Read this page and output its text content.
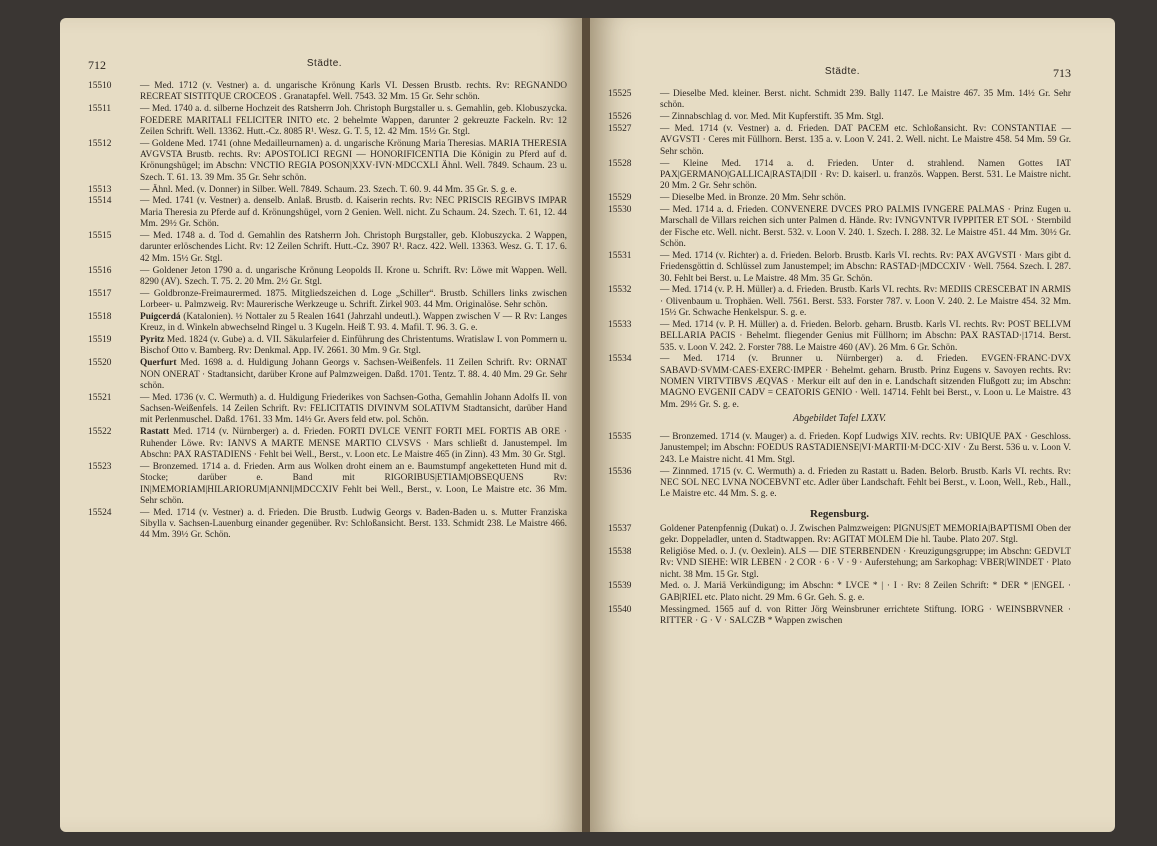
712	Städte.
15510	— Med. 1712 (v. Vestner) a. d. ungarische Krönung Karls VI. Dessen Brustb. rechts. Rv: REGNANDO RECREAT SISTITQUE CROCEOS . Granatapfel. Well. 7543. 32 Mm. 15 Gr. Sehr schön.
15511	— Med. 1740 a. d. silberne Hochzeit des Ratsherrn Joh. Christoph Burgstaller u. s. Gemahlin, geb. Klobuszycka. FOEDERE MARITALI FELICITER INITO etc. 2 behelmte Wappen, darunter 2 gekreuzte Fackeln. Rv: 12 Zeilen Schrift. Well. 13362. Hutt.-Cz. 8085 R¹. Wesz. G. T. 5, 12. 42 Mm. 15½ Gr. Stgl.
15512	— Goldene Med. 1741 (ohne Medailleurnamen) a. d. ungarische Krönung Maria Theresias. MARIA THERESIA AVGVSTA Brustb. rechts. Rv: APOSTOLICI REGNI — HONORIFICENTIA Die Königin zu Pferd auf d. Krönungshügel; im Abschn: VNCTIO REGIA POSON|XXV·IVN·MDCCXLI Ähnl. Well. 7849. Schaum. 23 u. Szech. T. 61. 13. 39 Mm. 35 Gr. Sehr schön.
15513	— Ähnl. Med. (v. Donner) in Silber. Well. 7849. Schaum. 23. Szech. T. 60. 9. 44 Mm. 35 Gr. S. g. e.
15514	— Med. 1741 (v. Vestner) a. denselb. Anlaß. Brustb. d. Kaiserin rechts. Rv: NEC PRISCIS REGIBVS IMPAR Maria Theresia zu Pferde auf d. Krönungshügel, vorn 2 Genien. Well. nicht. Zu Schaum. 24. Szech. T. 61, 12. 44 Mm. 29½ Gr. Schön.
15515	— Med. 1748 a. d. Tod d. Gemahlin des Ratsherrn Joh. Christoph Burgstaller, geb. Klobuszycka. 2 Wappen, darunter erlöschendes Licht. Rv: 12 Zeilen Schrift. Hutt.-Cz. 3907 R¹. Racz. 422. Well. 13363. Wesz. G. T. 17. 6. 42 Mm. 15½ Gr. Stgl.
15516	— Goldener Jeton 1790 a. d. ungarische Krönung Leopolds II. Krone u. Schrift. Rv: Löwe mit Wappen. Well. 8290 (AV). Szech. T. 75. 2. 20 Mm. 2½ Gr. Stgl.
15517	— Goldbronze-Freimaurermed. 1875. Mitgliedszeichen d. Loge „Schiller“. Brustb. Schillers links zwischen Lorbeer- u. Palmzweig. Rv: Maurerische Werkzeuge u. Schrift. Zirkel 903. 44 Mm. Originalöse. Sehr schön.
15518	Puigcerdá (Katalonien). ½ Nottaler zu 5 Realen 1641 (Jahrzahl undeutl.). Wappen zwischen V — R Rv: Langes Kreuz, in d. Winkeln abwechselnd Ringel u. 3 Kugeln. Heiß T. 93. 4. Mafil. T. 96. 3. G. e.
15519	Pyritz Med. 1824 (v. Gube) a. d. VII. Säkularfeier d. Einführung des Christentums. Wratislaw I. von Pommern u. Bischof Otto v. Bamberg. Rv: Denkmal. App. IV. 2661. 30 Mm. 9 Gr. Stgl.
15520	Querfurt Med. 1698 a. d. Huldigung Johann Georgs v. Sachsen-Weißenfels. 11 Zeilen Schrift. Rv: ORNAT NON ONERAT · Stadtansicht, darüber Krone auf Palmzweigen. Daßd. 1701. Tentz. T. 88. 4. 40 Mm. 29 Gr. Sehr schön.
15521	— Med. 1736 (v. C. Wermuth) a. d. Huldigung Friederikes von Sachsen-Gotha, Gemahlin Johann Adolfs II. von Sachsen-Weißenfels. 14 Zeilen Schrift. Rv: FELICITATIS DIVINVM SOLATIVM Stadtansicht, darüber Hand mit Perlenmuschel. Daßd. 1761. 33 Mm. 14½ Gr. Avers feld etw. pol. Schön.
15522	Rastatt Med. 1714 (v. Nürnberger) a. d. Frieden. FORTI DVLCE VENIT FORTI MEL FORTIS AB ORE · Ruhender Löwe. Rv: IANVS A MARTE MENSE MARTIO CLVSVS · Mars schließt d. Janustempel. Im Abschn: PAX RASTADIENS · Fehlt bei Well., Berst., v. Loon etc. Le Maistre 465 (in Zinn). 43 Mm. 30 Gr. Stgl.
15523	— Bronzemed. 1714 a. d. Frieden. Arm aus Wolken droht einem an e. Baumstumpf angeketteten Hund mit d. Stocke; darüber e. Band mit RIGORIBUS|ETIAM|OBSEQUENS Rv: IN|MEMORIAM|HILARIORUM|ANNI|MDCCXIV Fehlt bei Well., Berst., v. Loon, Le Maistre etc. 36 Mm. Sehr schön.
15524	— Med. 1714 (v. Vestner) a. d. Frieden. Die Brustb. Ludwig Georgs v. Baden-Baden u. s. Mutter Franziska Sibylla v. Sachsen-Lauenburg einander gegenüber. Rv: Schloßansicht. Berst. 133. Schmidt 238. Le Maistre 466. 44 Mm. 39½ Gr. Schön.
Städte.	713
15525	— Dieselbe Med. kleiner. Berst. nicht. Schmidt 239. Bally 1147. Le Maistre 467. 35 Mm. 14½ Gr. Sehr schön.
15526	— Zinnabschlag d. vor. Med. Mit Kupferstift. 35 Mm. Stgl.
15527	— Med. 1714 (v. Vestner) a. d. Frieden. DAT PACEM etc. Schloßansicht. Rv: CONSTANTIAE — AVGVSTI · Ceres mit Füllhorn. Berst. 135 a. v. Loon V. 241. 2. Well. nicht. Le Maistre 458. 54 Mm. 59 Gr. Sehr schön.
15528	— Kleine Med. 1714 a. d. Frieden. Unter d. strahlend. Namen Gottes IAT PAX|GERMANO|GALLICA|RASTA|DII · Rv: D. kaiserl. u. französ. Wappen. Berst. 531. Le Maistre nicht. 20 Mm. 2 Gr. Sehr schön.
15529	— Dieselbe Med. in Bronze. 20 Mm. Sehr schön.
15530	— Med. 1714 a. d. Frieden. CONVENERE DVCES PRO PALMIS IVNGERE PALMAS · Prinz Eugen u. Marschall de Villars reichen sich unter Palmen d. Hände. Rv: IVNGVNTVR IVPPITER ET SOL · Sternbild der Fische etc. Well. nicht. Berst. 532. v. Loon V. 240. 1. Szech. I. 288. 32. Le Maistre 451. 44 Mm. 30½ Gr. Schön.
15531	— Med. 1714 (v. Richter) a. d. Frieden. Belorb. Brustb. Karls VI. rechts. Rv: PAX AVGVSTI · Mars gibt d. Friedensgöttin d. Schlüssel zum Janustempel; im Abschn: RASTAD·|MDCCXIV · Well. 7564. Szech. I. 287. 30. Fehlt bei Berst. u. Le Maistre. 48 Mm. 35 Gr. Schön.
15532	— Med. 1714 (v. P. H. Müller) a. d. Frieden. Brustb. Karls VI. rechts. Rv: MEDIIS CRESCEBAT IN ARMIS · Olivenbaum u. Trophäen. Well. 7561. Berst. 533. Forster 787. v. Loon V. 240. 2. Le Maistre 454. 32 Mm. 15½ Gr. Schwache Henkelspur. S. g. e.
15533	— Med. 1714 (v. P. H. Müller) a. d. Frieden. Belorb. geharn. Brustb. Karls VI. rechts. Rv: POST BELLVM BELLARIA PACIS · Behelmt. fliegender Genius mit Füllhorn; im Abschn: PAX RASTAD·|1714. Berst. 535. v. Loon V. 242. 2. Forster 788. Le Maistre 460 (AV). 26 Mm. 6 Gr. Schön.
15534	— Med. 1714 (v. Brunner u. Nürnberger) a. d. Frieden. EVGEN·FRANC·DVX SABAVD·SVMM·CAES·EXERC·IMPER · Behelmt. geharn. Brustb. Prinz Eugens v. Savoyen rechts. Rv: NOMEN VIRTVTIBVS ÆQVAS · Merkur eilt auf den in e. Landschaft sitzenden Flußgott zu; im Abschn: MAGNO EVGENII CADV = CEATORIS GENIO · Well. 14714. Fehlt bei Berst., v. Loon u. Le Maistre. 43 Mm. 29½ Gr. S. g. e.
Abgebildet Tafel LXXV.
15535	— Bronzemed. 1714 (v. Mauger) a. d. Frieden. Kopf Ludwigs XIV. rechts. Rv: UBIQUE PAX · Geschloss. Janustempel; im Abschn: FOEDUS RASTADIENSE|VI·MARTII·M·DCC·XIV · Zu Berst. 536 u. v. Loon V. 243. Le Maistre nicht. 41 Mm. Stgl.
15536	— Zinnmed. 1715 (v. C. Wermuth) a. d. Frieden zu Rastatt u. Baden. Belorb. Brustb. Karls VI. rechts. Rv: NEC SOL NEC LVNA NOCEBVNT etc. Adler über Landschaft. Fehlt bei Berst., v. Loon, Well., Reb., Hall., Le Maistre etc. 44 Mm. S. g. e.
Regensburg.
15537	Goldener Patenpfennig (Dukat) o. J. Zwischen Palmzweigen: PIGNUS|ET MEMORIA|BAPTISMI Oben der gekr. Doppeladler, unten d. Stadtwappen. Rv: AGITAT MOLEM Die hl. Taube. Plato 207. Stgl.
15538	Religiöse Med. o. J. (v. Oexlein). ALS — DIE STERBENDEN · Kreuzigungsgruppe; im Abschn: GEDVLT Rv: VND SIEHE: WIR LEBEN · 2 COR · 6 · V · 9 · Auferstehung; am Sarkophag: VBER|WINDET · Plato nicht. 38 Mm. 15 Gr. Stgl.
15539	Med. o. J. Mariä Verkündigung; im Abschn: * LVCE * | · I · Rv: 8 Zeilen Schrift: * DER * |ENGEL · GAB|RIEL etc. Plato nicht. 29 Mm. 6 Gr. Geh. S. g. e.
15540	Messingmed. 1565 auf d. von Ritter Jörg Weinsbruner errichtete Stiftung. IORG · WEINSBRVNER · RITTER · G · V · SALCZB * Wappen zwischen
